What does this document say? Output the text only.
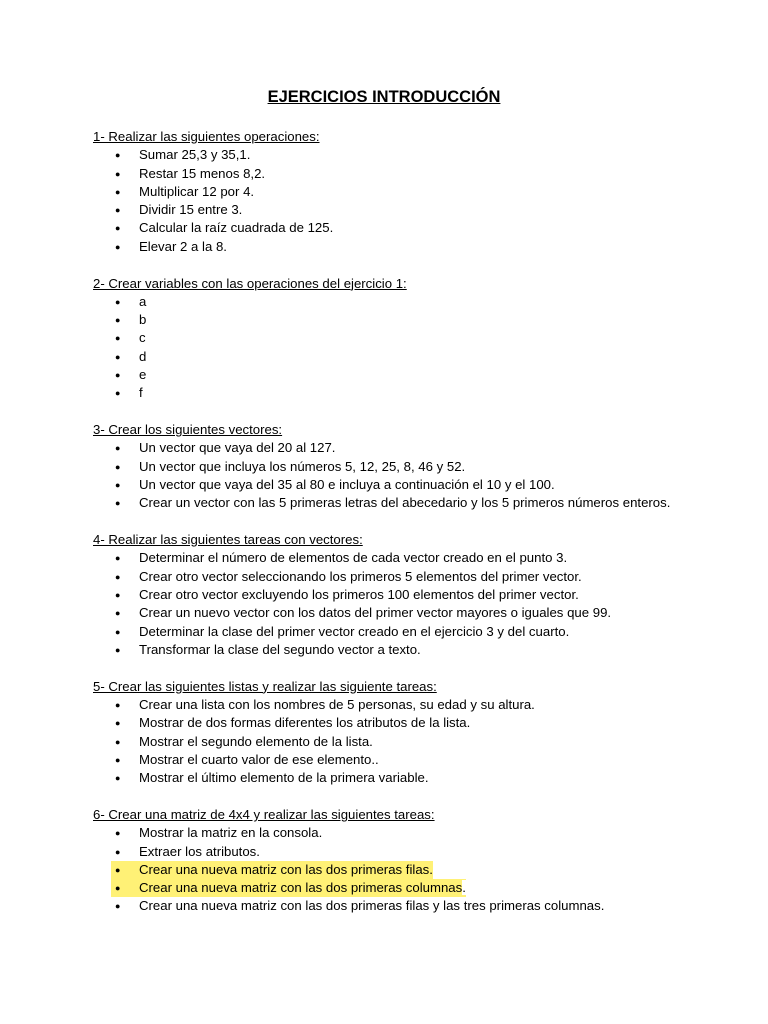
EJERCICIOS INTRODUCCIÓN
1- Realizar las siguientes operaciones:
● Sumar 25,3 y 35,1.
● Restar 15 menos 8,2.
● Multiplicar 12 por 4.
● Dividir 15 entre 3.
● Calcular la raíz cuadrada de 125.
● Elevar 2 a la 8.
2- Crear variables con las operaciones del ejercicio 1:
● a
● b
● c
● d
● e
● f
3- Crear los siguientes vectores:
● Un vector que vaya del 20 al 127.
● Un vector que incluya los números 5, 12, 25, 8, 46 y 52.
● Un vector que vaya del 35 al 80 e incluya a continuación el 10 y el 100.
● Crear un vector con las 5 primeras letras del abecedario y los 5 primeros números enteros.
4- Realizar las siguientes tareas con vectores:
● Determinar el número de elementos de cada vector creado en el punto 3.
● Crear otro vector seleccionando los primeros 5 elementos del primer vector.
● Crear otro vector excluyendo los primeros 100 elementos del primer vector.
● Crear un nuevo vector con los datos del primer vector mayores o iguales que 99.
● Determinar la clase del primer vector creado en el ejercicio 3 y del cuarto.
● Transformar la clase del segundo vector a texto.
5- Crear las siguientes listas y realizar las siguiente tareas:
● Crear una lista con los nombres de 5 personas, su edad y su altura.
● Mostrar de dos formas diferentes los atributos de la lista.
● Mostrar el segundo elemento de la lista.
● Mostrar el cuarto valor de ese elemento..
● Mostrar el último elemento de la primera variable.
6- Crear una matriz de 4x4 y realizar las siguientes tareas:
● Mostrar la matriz en la consola.
● Extraer los atributos.
● Crear una nueva matriz con las dos primeras filas.
● Crear una nueva matriz con las dos primeras columnas.
● Crear una nueva matriz con las dos primeras filas y las tres primeras columnas.
